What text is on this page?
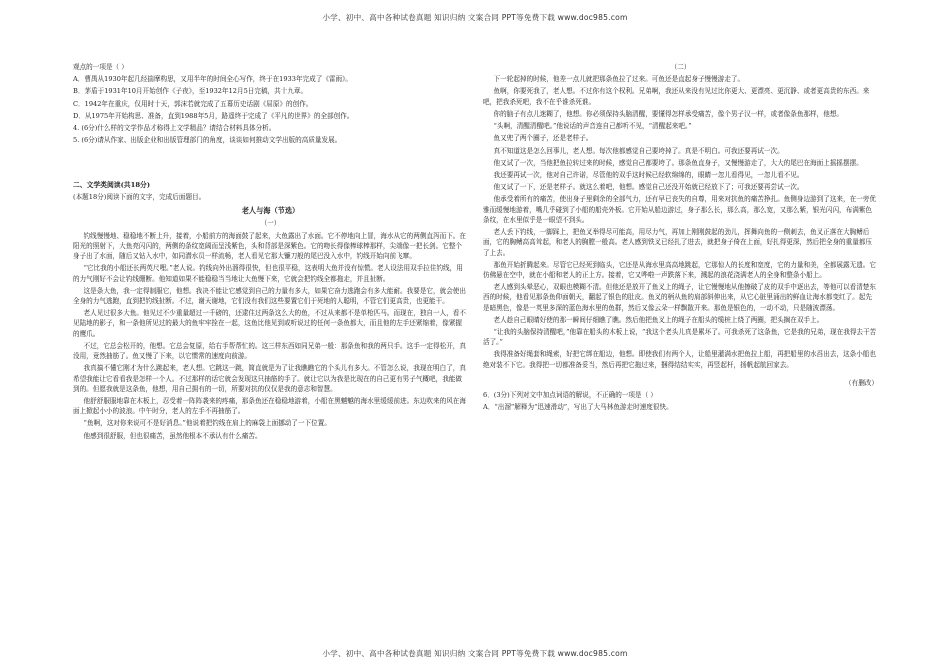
小学、初中、高中各种试卷真题 知识归纳 文案合同 PPT等免费下载 www.doc985.com

观点的一项是（ ）

A．曹禺从1930年起几经揣摩构思，又用半年的时间全心写作，终于在1933年完成了《雷雨》。

B．茅盾于1931年10月开始创作《子夜》，至1932年12月5日完稿，共十九章。

C．1942年在重庆，仅用时十天，郭沫若就完成了五幕历史话剧《屈原》的创作。

D．从1975年开始构思、准备，直到1988年5月，路遥终于完成了《平凡的世界》的全部创作。

4. (6分)什么样的文学作品才称得上文学精品？请结合材料具体分析。

5. (6分)请从作家、出版企业和出版管理部门的角度，谈谈如何推动文学出版的高质量发展。

二、文学类阅读(共18分)

(本题18分)阅读下面的文字，完成后面题目。

老人与海（节选）

（一）

钓线慢慢地、稳稳地不断上升，接着，小船前方的海面鼓了起来，大鱼露出了水面。它不停地向上冒，海水从它的两侧直泻而下。在阳光的照射下，大鱼亮闪闪的，两侧的条纹宽阔而呈浅紫色，头和背部是深紫色。它的吻长得像棒球棒那样，尖端像一把长剑。它整个身子出了水面，随后又钻入水中，如同潜水员一样流畅，老人看见它那大镰刀般的尾巴没入水中，钓线开始向前飞窜。

“它比我的小船还长两英尺哩。”老人说。钓线向外出溜得很快，但也很平稳，这表明大鱼并没有惊慌。老人设法用双手拉住钓线，用的力气刚好不会让钓线绷断。他知道如果不能稳稳当当地让大鱼慢下来，它就会把钓线全都拖走，并且扯断。

这是条大鱼，我一定得制服它，他想。我决不能让它感觉到自己的力量有多大，如果它奋力逃跑会有多大能耐。我要是它，就会使出全身的力气逃跑，直到把钓线扯断。不过，谢天谢地，它们没有我们这些要置它们于死地的人聪明，不管它们更高贵，也更能干。

老人见过很多大鱼。他见过不少重量超过一千磅的，还逮住过两条这么大的鱼，不过从来都不是单枪匹马。而现在，独自一人，看不见陆地的影子，和一条他所见过的最大的鱼牢牢拴在一起，这鱼比他见到或听说过的任何一条鱼都大，而且他的左手还紧缩着，像紧握的鹰爪。

不过，它总会松开的，他想。它总会复原，给右手帮帮忙的。这三样东西如同兄弟一般：那条鱼和我的两只手。这手一定得松开，真没用，竟然抽筋了。鱼又慢了下来，以它惯常的速度向前游。

我真搞不懂它刚才为什么跳起来，老人想。它跳这一跳，简直就是为了让我瞧瞧它的个头儿有多大。不管怎么说，我现在明白了，真希望我能让它看看我是怎样一个人。不过那样的话它就会发现这只抽筋的手了。就让它以为我是比现在的自己更有男子气概吧，我能做到的。但愿我就是这条鱼，他想，用自己拥有的一切，所要对抗的仅仅是我的意志和智慧。

他舒舒服服地靠在木板上，忍受着一阵阵袭来的疼痛，那条鱼还在稳稳地游着，小船在黑魆魆的海水里缓缓前进。东边吹来的风在海面上掀起小小的波浪。中午时分，老人的左手不再抽筋了。

“鱼啊，这对你来说可不是好消息。”他说着把钓线在肩上的麻袋上面挪动了一下位置。

他感到很舒服，但也很痛苦，虽然他根本不承认有什么痛苦。

（二）

下一轮起掉的时候，他差一点儿就把那条鱼拉了过来。可鱼还是直起身子慢慢游走了。

鱼啊，你要死我了，老人想。不过你有这个权利。兄弟啊，我还从来没有见过比你更大、更漂亮、更沉静、或者更高贵的东西。来吧，把我杀死吧，我不在乎谁杀死谁。

你的脑子有点儿迷糊了，他想。你必须保持头脑清醒，要懂得怎样承受痛苦，像个男子汉一样，或者像条鱼那样，他想。

“头啊，清醒清醒吧。”他说话的声音连自己都听不见，“清醒起来吧。”

鱼又兜了两个圈子，还是老样子。

真不知道这是怎么回事儿，老人想。每次他都感觉自己要垮掉了。真是不明白。可我还要再试一次。

他又试了一次，当他把鱼拉转过来的时候，感觉自己都要垮了。那条鱼直身子，又慢慢游走了，大大的尾巴在海面上摇摇摆摆。

我还要再试一次，他对自己许诺，尽管他的双手这时候已经软绵绵的，眼睛一忽儿看得见，一忽儿看不见。

他又试了一下，还是老样子。就这么着吧，他想。感觉自己还没开始就已经放下了；可我还要再尝试一次。

他承受着所有的痛苦，使出身子里剩余的全部气力，还有早已丧失的自尊，用来对抗鱼的痛苦挣扎。鱼侧身边游到了这来，在一旁优雅而缓慢地游着，嘴几乎碰到了小船的船壳外板。它开始从船边游过，身子那么长，那么高，那么宽，又那么紫，银光闪闪，布满紫色条纹，在水里似乎是一眼望不到头。

老人丢下钓线，一脚踩上，把鱼叉举得尽可能高，用尽力气，再加上刚刚鼓起的劲儿，挥舞向鱼的一侧刺去，鱼叉正落在大胸鳍后面，它的胸鳍高高耸起，和老人的胸膛一般高。老人感到铁叉已经扎了进去，就把身子倚在上面，好扎得更深，然后把全身的重量都压了上去。

那鱼开始折腾起来。尽管它已经死到临头，它还是从海水里高高地跳起，它那惊人的长度和宽度，它的力量和美，全都展露无遗。它仿佛悬在空中，就在小船和老人的正上方。接着，它又哗啦一声跌落下来，溅起的浪花浇满老人的全身和整条小船上。

老人感到头晕恶心，双眼也模糊不清。但他还是放开了鱼叉上的绳子，让它慢慢地从他擦破了皮的双手中逐出去，等他可以看清楚东西的时候，他看见那条鱼仰面朝天，翻起了银色的肚皮。鱼叉的柄从鱼的肩部斜伸出来，从它心脏里涌出的鲜血让海水都变红了。起先是暗黑色，像是一英里多深的蓝色海水里的鱼群，然后又像云朵一样飘散开来。那鱼是银色的，一动不动，只是随波漂荡。

老人趁自己眼睛好使的那一瞬间仔细瞧了瞧。然后他把鱼叉上的绳子在船头的缆桩上绕了两圈，把头搁在双手上。

“让我的头脑保持清醒吧，”他靠在船头的木板上说，“我这个老头儿真是累坏了。可我杀死了这条鱼，它是我的兄弟，现在我得去干苦活了。”

我得准备好绳套和绳索，好把它绑在船边，他想。即使我们有两个人，让船里灌满水把鱼拉上船，再把船里的水舀出去，这条小船也绝对装不下它。我得把一切都准备妥当，然后再把它拖过来，捆得结结实实，再竖起杆，扬帆起航回家去。

（有删改）

6．(3分)下列对文中加点词语的解说，不正确的一项是（ ）

A．“出溜”解释为“迅速滑动”，写出了大马林鱼游走时速度很快。

小学、初中、高中各种试卷真题 知识归纳 文案合同 PPT等免费下载 www.doc985.com
